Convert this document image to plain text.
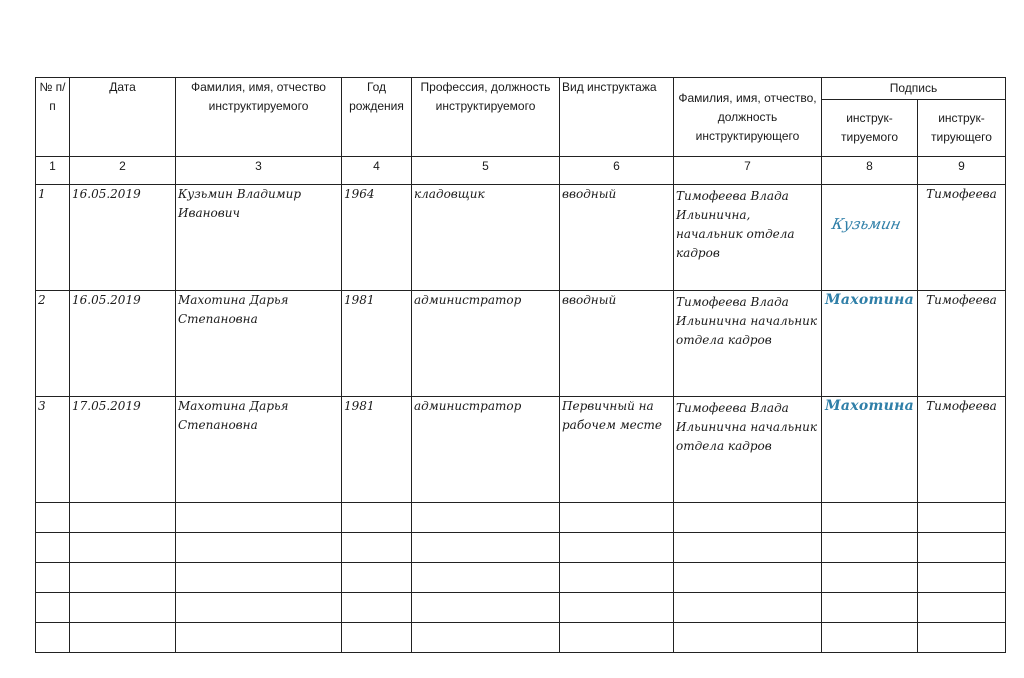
№ п/п	Дата	Фамилия, имя, отчество инструктируемого	Год рождения	Профессия, должность инструктируемого	Вид инструктажа	Фамилия, имя, отчество, должность инструктирующего	Подпись	
							инструк- тируемого	инструк- тирующего
1	2	3	4	5	6	7	8	9
1	16.05.2019	Кузьмин Владимир Иванович	1964	кладовщик	вводный	Тимофеева Влада Ильинична, начальник отдела кадров	Кузьмин	Тимофеева
2	16.05.2019	Махотина Дарья Степановна	1981	администратор	вводный	Тимофеева Влада Ильинична начальник отдела кадров	Махотина	Тимофеева
3	17.05.2019	Махотина Дарья Степановна	1981	администратор	Первичный на рабочем месте	Тимофеева Влада Ильинична начальник отдела кадров	Махотина	Тимофеева
